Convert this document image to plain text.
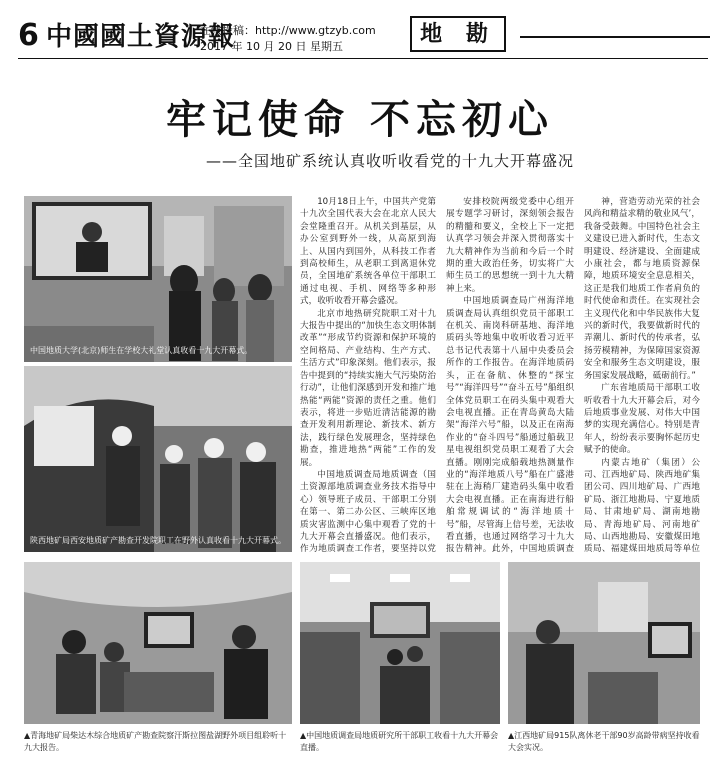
6 中國國土資源報
在线投稿：http://www.gtzyb.com
2017 年 10 月 20 日 星期五	地 勘
牢记使命 不忘初心
——全国地矿系统认真收听收看党的十九大开幕盛况
中国地质大学(北京)师生在学校大礼堂认真收看十九大开幕式。
陕西地矿局西安地质矿产勘查开发院职工在野外认真收看十九大开幕式。

10月18日上午，中国共产党第十九次全国代表大会在北京人民大会堂隆重召开。从机关到基层，从办公室到野外一线，从高原到海上、从国内到国外，从科技工作者到高校师生，从老职工到离退休党员，全国地矿系统各单位干部职工通过电视、手机、网络等多种形式，收听收看开幕会盛况。

北京市地热研究院职工对十九大报告中提出的“加快生态文明体制改革”“形成节约资源和保护环境的空间格局、产业结构、生产方式、生活方式”印象深刻。他们表示，报告中提到的“持续实施大气污染防治行动”，让他们深感到开发和推广地热能“两能”资源的责任之重。他们表示，将进一步贴近清洁能源的勘查开发利用新理论、新技术、新方法，践行绿色发展理念，坚持绿色勘查，推进地热“两能”工作的发展。

中国地质调查局地质调查（国土资源部地质调查业务技术指导中心）领导班子成员、干部职工分别在第一、第二办公区、三峡库区地质灾害监测中心集中观看了党的十九大开幕会直播盛况。他们表示，作为地质调查工作者，要坚持以党

安排校院两级党委中心组开展专题学习研讨，深刻领会报告的精髓和要义，全校上下一定把认真学习领会并深入贯彻落实十九大精神作为当前和今后一个时期的重大政治任务，切实将广大师生员工的思想统一到十九大精神上来。

中国地质调查局广州海洋地质调查局认真组织党员干部职工在机关、南岗科研基地、海洋地质码头等地集中收听收看习近平总书记代表第十八届中央委员会所作的工作报告。在海洋地质码头，正在备航、休整的“探宝号”“海洋四号”“奋斗五号”船组织全体党员职工在码头集中观看大会电视直播。正在青岛黄岛大陆架“海洋六号”船，以及正在南海作业的“奋斗四号”船通过船载卫星电视组织党员职工观看了大会直播。刚刚完成船载地热测量作业的“海洋地质八号”船在广盛港驻在上海稍厂建造码头集中收看大会电视直播。正在南海进行船舶常规调试的“海洋地质十号”船，尽管海上信号差，无法收看直播，也通过网络学习十九大报告精神。此外，中国地质调查

神，营造劳动光荣的社会风尚和精益求精的敬业风气’，我备受鼓舞。中国特色社会主义建设已进入新时代，生态文明建设、经济建设、全面建成小康社会，都与地质资源保障，地质环境安全息息相关，这正是我们地质工作者肩负的时代使命和责任。在实现社会主义现代化和中华民族伟大复兴的新时代，我要做新时代的弄潮儿、新时代的传承者，弘扬劳模精神，为保障国家资源安全和服务生态文明建设，服务国家发展战略，砥砺前行。”

广东省地质局干部职工收听收看十九大开幕会后，对今后地质事业发展、对伟大中国梦的实现充满信心。特别是青年人，纷纷表示要胸怀起历史赋予的使命。

内蒙古地矿（集团）公司、江西地矿局、陕西地矿集团公司、四川地矿局、广西地矿局、浙江地勘局、宁夏地质局、甘肃地矿局、湖南地勘局、青海地矿局、河南地矿局、山西地勘局、安徽煤田地质局、福建煤田地质局等单位

▲青海地矿局柴达木综合地质矿产勘查院察汗斯拉图盐湖野外项目组聆听十九大报告。
▲中国地质调查局地质研究所干部职工收看十九大开幕会直播。
▲江西地矿局915队离休老干部90岁高龄带病坚持收看大会实况。
